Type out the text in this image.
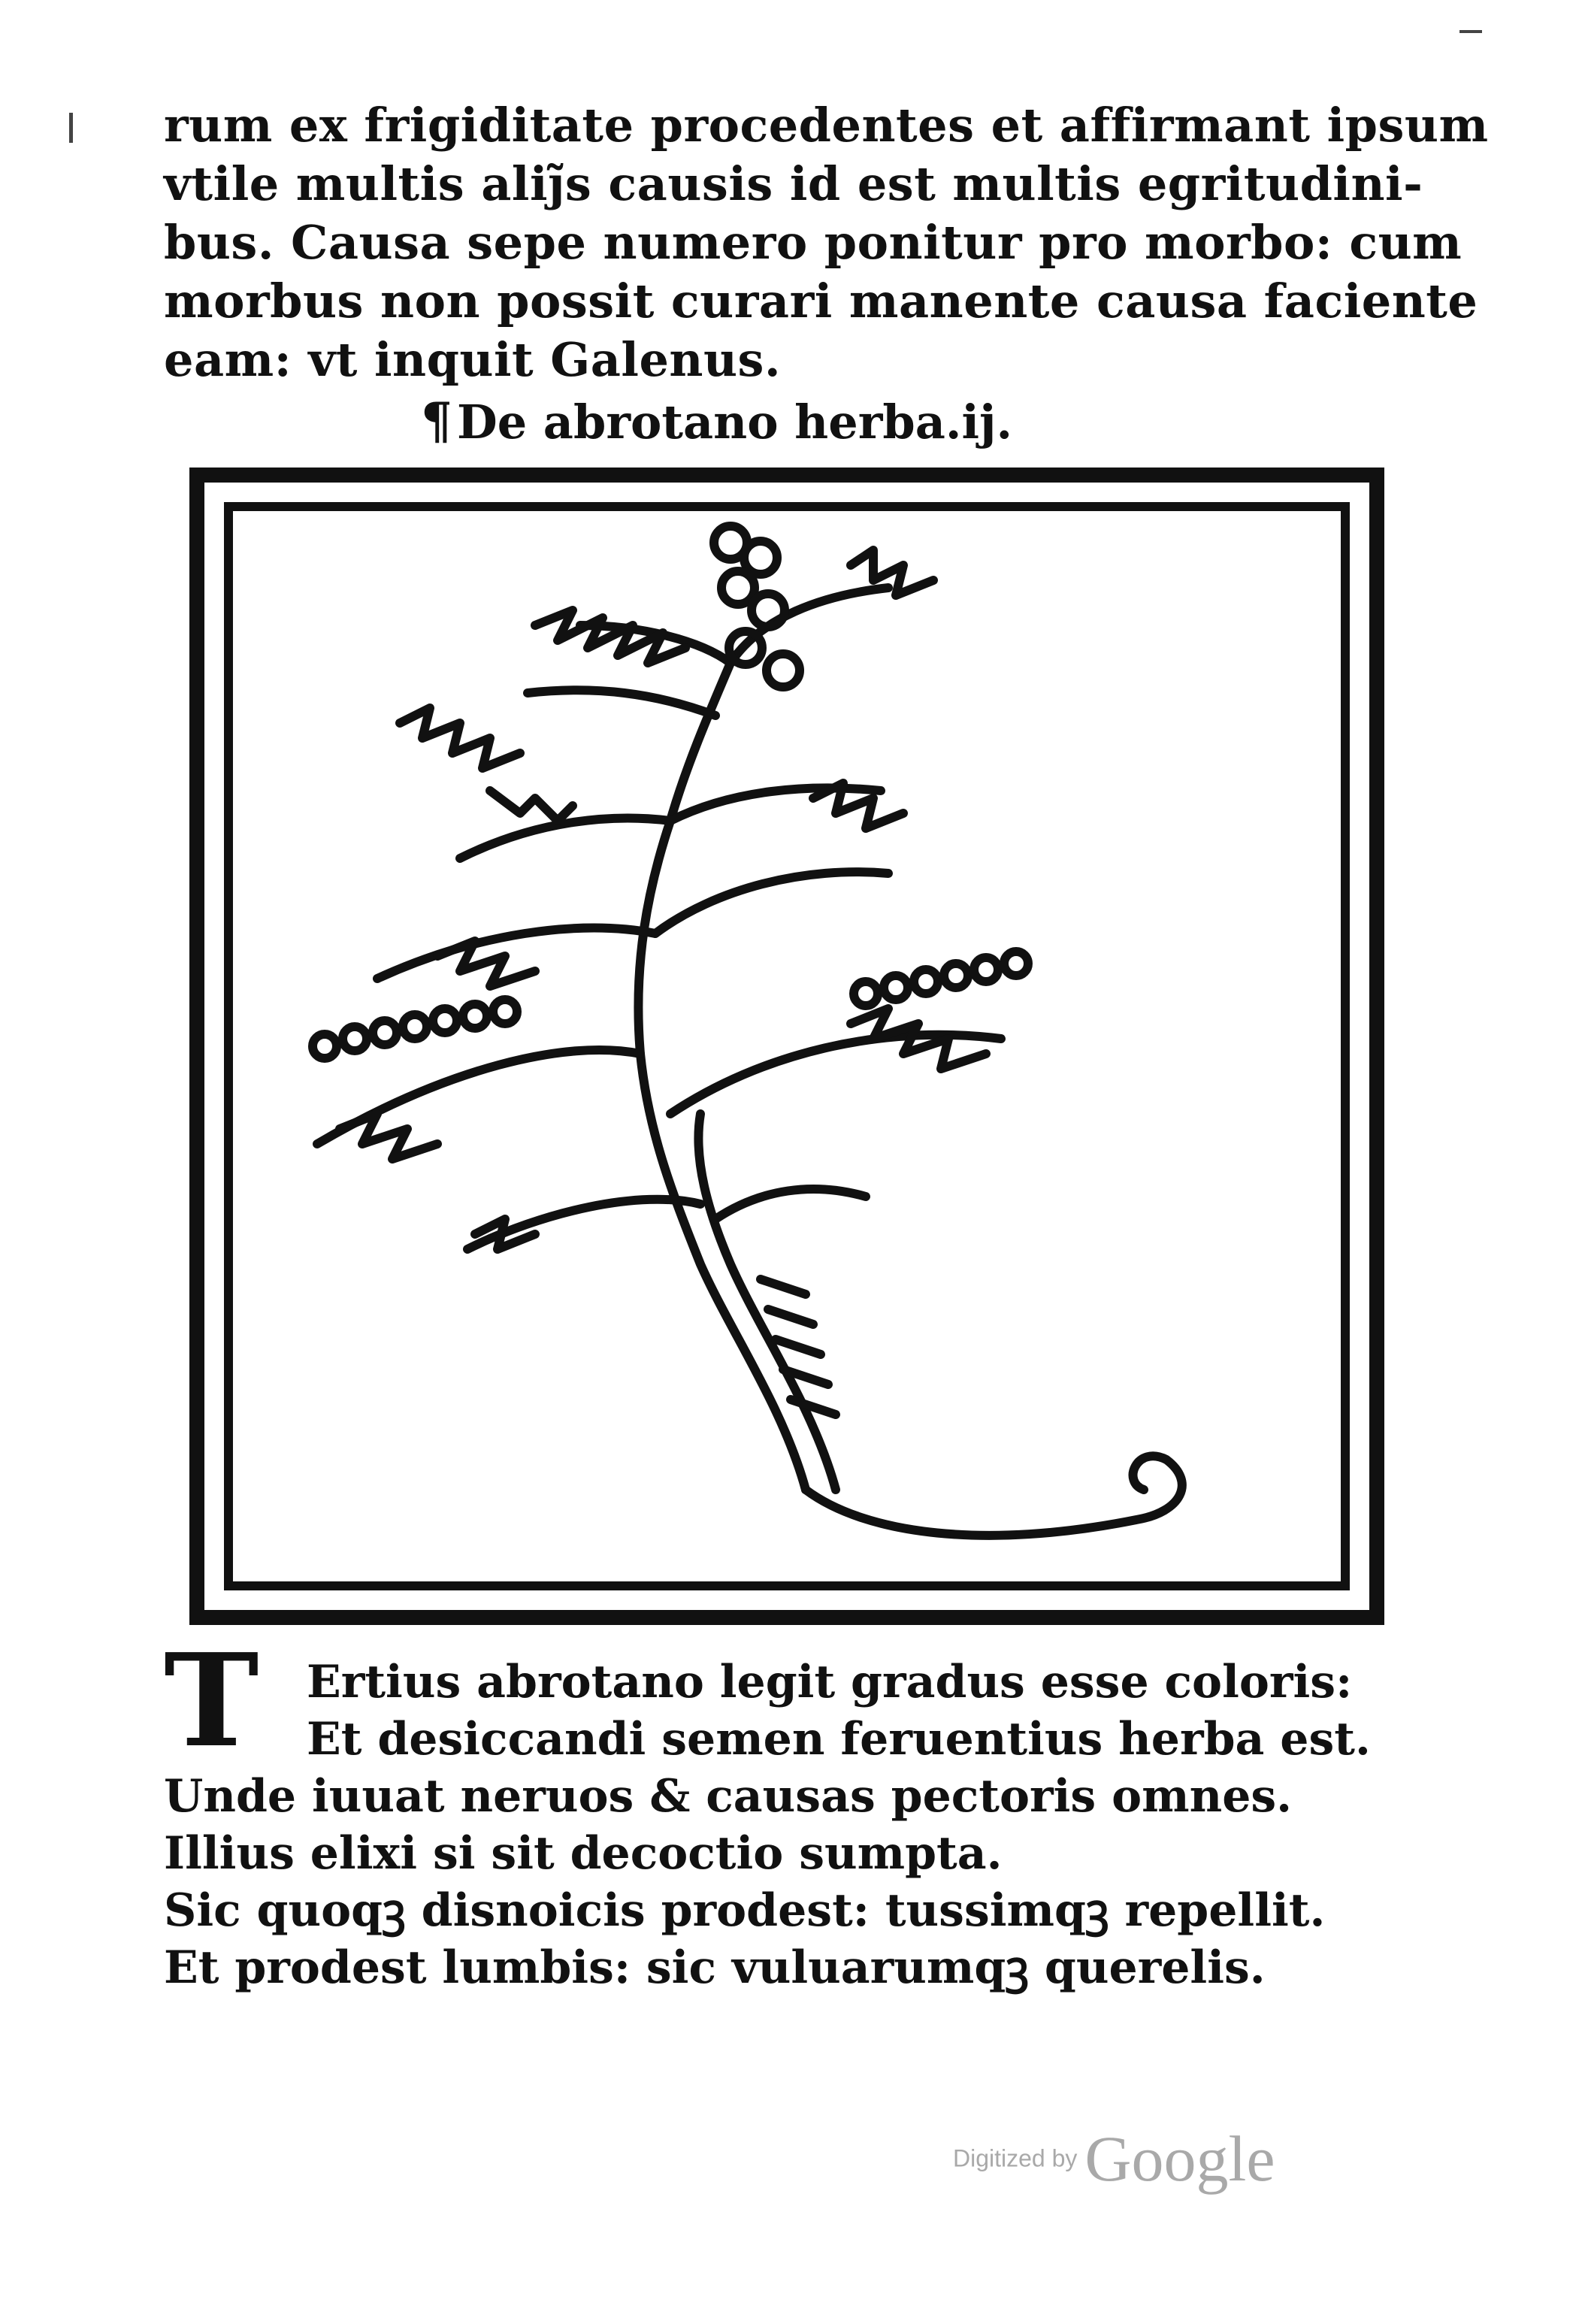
rum ex frigiditate procedentes et affirmant ipsum
vtile multis aliȷ̃s causis id est multis egritudini-
bus. Causa sepe numero ponitur pro morbo: cum
morbus non possit curari manente causa faciente
eam: vt inquit Galenus.
¶De abrotano herba.ij.
T	Ertius abrotano legit gradus esse coloris:
Et desiccandi semen feruentius herba est.
Unde iuuat neruos & causas pectoris omnes.
Illius elixi si sit decoctio sumpta.
Sic quoqꝫ disnoicis prodest: tussimqꝫ repellit.
Et prodest lumbis: sic vuluarumqꝫ querelis.
Digitized by Google
